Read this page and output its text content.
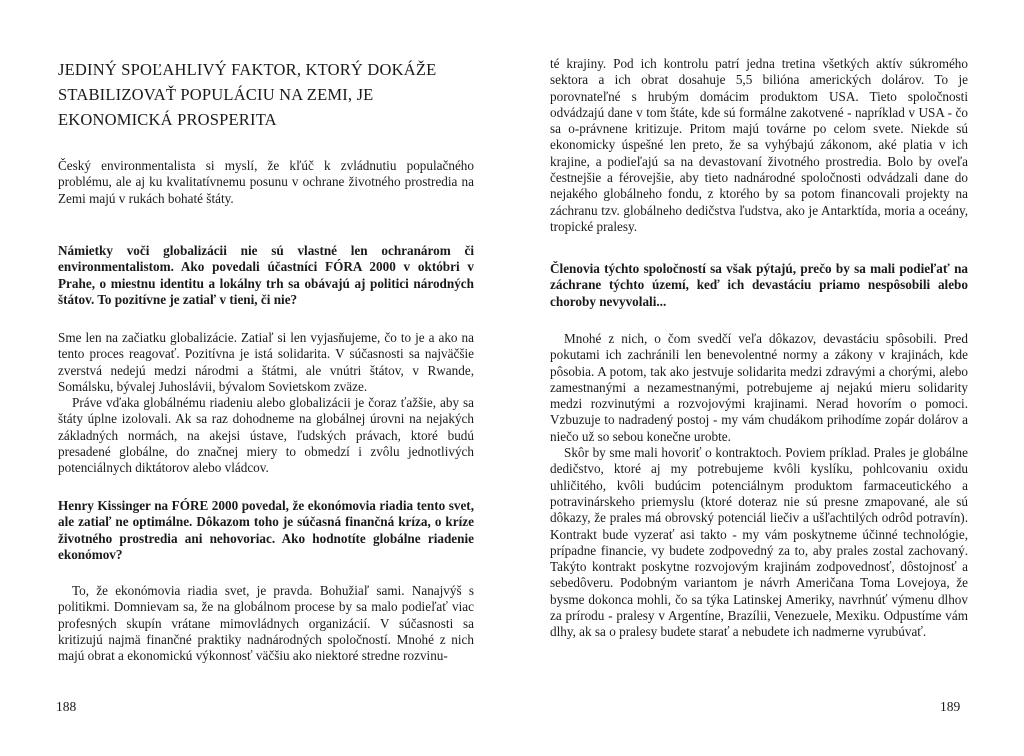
JEDINÝ SPOĽAHLIVÝ FAKTOR, KTORÝ DOKÁŽE STABILIZOVAŤ POPULÁCIU NA ZEMI, JE EKONOMICKÁ PROSPERITA

Český environmentalista si myslí, že kľúč k zvládnutiu populačného problému, ale aj ku kvalitatívnemu posunu v ochrane životného prostredia na Zemi majú v rukách bohaté štáty.

Námietky voči globalizácii nie sú vlastné len ochranárom či environmentalistom. Ako povedali účastníci FÓRA 2000 v októbri v Prahe, o miestnu identitu a lokálny trh sa obávajú aj politici národných štátov. To pozitívne je zatiaľ v tieni, či nie?

Sme len na začiatku globalizácie. Zatiaľ si len vyjasňujeme, čo to je a ako na tento proces reagovať. Pozitívna je istá solidarita. V súčasnosti sa najväčšie zverstvá nedejú medzi národmi a štátmi, ale vnútri štátov, v Rwande, Somálsku, bývalej Juhoslávii, bývalom Sovietskom zväze.

Práve vďaka globálnému riadeniu alebo globalizácii je čoraz ťažšie, aby sa štáty úplne izolovali. Ak sa raz dohodneme na globálnej úrovni na nejakých základných normách, na akejsi ústave, ľudských právach, ktoré budú presadené globálne, do značnej miery to obmedzí i zvôlu jednotlivých potenciálnych diktátorov alebo vládcov.

Henry Kissinger na FÓRE 2000 povedal, že ekonómovia riadia tento svet, ale zatiaľ ne optimálne. Dôkazom toho je súčasná finančná kríza, o kríze životného prostredia ani nehovoriac. Ako hodnotíte globálne riadenie ekonómov?

To, že ekonómovia riadia svet, je pravda. Bohužiaľ sami. Nanajvýš s politikmi. Domnievam sa, že na globálnom procese by sa malo podieľať viac profesných skupín vrátane mimovládnych organizácií. V súčasnosti sa kritizujú najmä finančné praktiky nadnárodných spoločností. Mnohé z nich majú obrat a ekonomickú výkonnosť väčšiu ako niektoré stredne rozvinu-

188

té krajiny. Pod ich kontrolu patrí jedna tretina všetkých aktív súkromého sektora a ich obrat dosahuje 5,5 bilióna amerických dolárov. To je porovnateľné s hrubým domácim produktom USA. Tieto spoločnosti odvádzajú dane v tom štáte, kde sú formálne zakotvené - napríklad v USA - čo sa o-právnene kritizuje. Pritom majú továrne po celom svete. Niekde sú ekonomicky úspešné len preto, že sa vyhýbajú zákonom, aké platia v ich krajine, a podieľajú sa na devastovaní životného prostredia. Bolo by oveľa čestnejšie a férovejšie, aby tieto nadnárodné spoločnosti odvádzali dane do nejakého globálneho fondu, z ktorého by sa potom financovali projekty na záchranu tzv. globálneho dedičstva ľudstva, ako je Antarktída, moria a oceány, tropické pralesy.

Členovia týchto spoločností sa však pýtajú, prečo by sa mali podieľať na záchrane týchto území, keď ich devastáciu priamo nespôsobili alebo choroby nevyvolali...

Mnohé z nich, o čom svedčí veľa dôkazov, devastáciu spôsobili. Pred pokutami ich zachránili len benevolentné normy a zákony v krajinách, kde pôsobia. A potom, tak ako jestvuje solidarita medzi zdravými a chorými, alebo zamestnanými a nezamestnanými, potrebujeme aj nejakú mieru solidarity medzi rozvinutými a rozvojovými krajinami. Nerad hovorím o pomoci. Vzbuzuje to nadradený postoj - my vám chudákom prihodíme zopár dolárov a niečo už so sebou konečne urobte.

Skôr by sme mali hovoriť o kontraktoch. Poviem príklad. Prales je globálne dedičstvo, ktoré aj my potrebujeme kvôli kyslíku, pohlcovaniu oxidu uhličitého, kvôli budúcim potenciálnym produktom farmaceutického a potravinárskeho priemyslu (ktoré doteraz nie sú presne zmapované, ale sú dôkazy, že prales má obrovský potenciál liečiv a ušľachtilých odrôd potravín). Kontrakt bude vyzerať asi takto - my vám poskytneme účinné technológie, prípadne financie, vy budete zodpovedný za to, aby prales zostal zachovaný. Takýto kontrakt poskytne rozvojovým krajinám zodpovednosť, dôstojnosť a sebedôveru. Podobným variantom je návrh Američana Toma Lovejoya, že bysme dokonca mohli, čo sa týka Latinskej Ameriky, navrhnúť výmenu dlhov za prírodu - pralesy v Argentíne, Brazílii, Venezuele, Mexiku. Odpustíme vám dlhy, ak sa o pralesy budete starať a nebudete ich nadmerne vyrubúvať.

189
